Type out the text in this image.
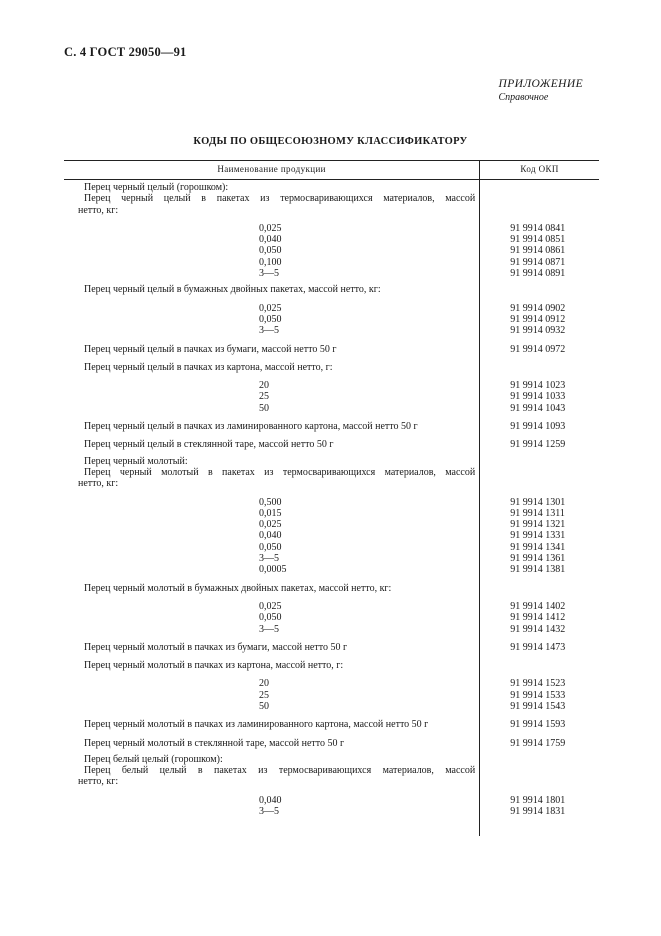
С. 4 ГОСТ 29050—91
ПРИЛОЖЕНИЕ
Справочное
КОДЫ ПО ОБЩЕСОЮЗНОМУ КЛАССИФИКАТОРУ
Наименование продукции	Код ОКП
Перец черный целый (горошком):
Перец черный целый в пакетах из термосваривающихся материалов, массой
нетто, кг:
0,025
0,040
0,050
0,100
3—5
Перец черный целый в бумажных двойных пакетах, массой нетто, кг:
0,025
0,050
3—5
Перец черный целый в пачках из бумаги, массой нетто 50 г
Перец черный целый в пачках из картона, массой нетто, г:
20
25
50
Перец черный целый в пачках из ламинированного картона, массой нетто 50 г
Перец черный целый в стеклянной таре, массой нетто 50 г
Перец черный молотый:
Перец черный молотый в пакетах из термосваривающихся материалов, массой
нетто, кг:
0,500
0,015
0,025
0,040
0,050
3—5
0,0005
Перец черный молотый в бумажных двойных пакетах, массой нетто, кг:
0,025
0,050
3—5
Перец черный молотый в пачках из бумаги, массой нетто 50 г
Перец черный молотый в пачках из картона, массой нетто, г:
20
25
50
Перец черный молотый в пачках из ламинированного картона, массой нетто 50 г
Перец черный молотый в стеклянной таре, массой нетто 50 г
Перец белый целый (горошком):
Перец белый целый в пакетах из термосваривающихся материалов, массой
нетто, кг:
0,040
3—5
91 9914 0841
91 9914 0851
91 9914 0861
91 9914 0871
91 9914 0891
91 9914 0902
91 9914 0912
91 9914 0932
91 9914 0972
91 9914 1023
91 9914 1033
91 9914 1043
91 9914 1093
91 9914 1259
91 9914 1301
91 9914 1311
91 9914 1321
91 9914 1331
91 9914 1341
91 9914 1361
91 9914 1381
91 9914 1402
91 9914 1412
91 9914 1432
91 9914 1473
91 9914 1523
91 9914 1533
91 9914 1543
91 9914 1593
91 9914 1759
91 9914 1801
91 9914 1831
